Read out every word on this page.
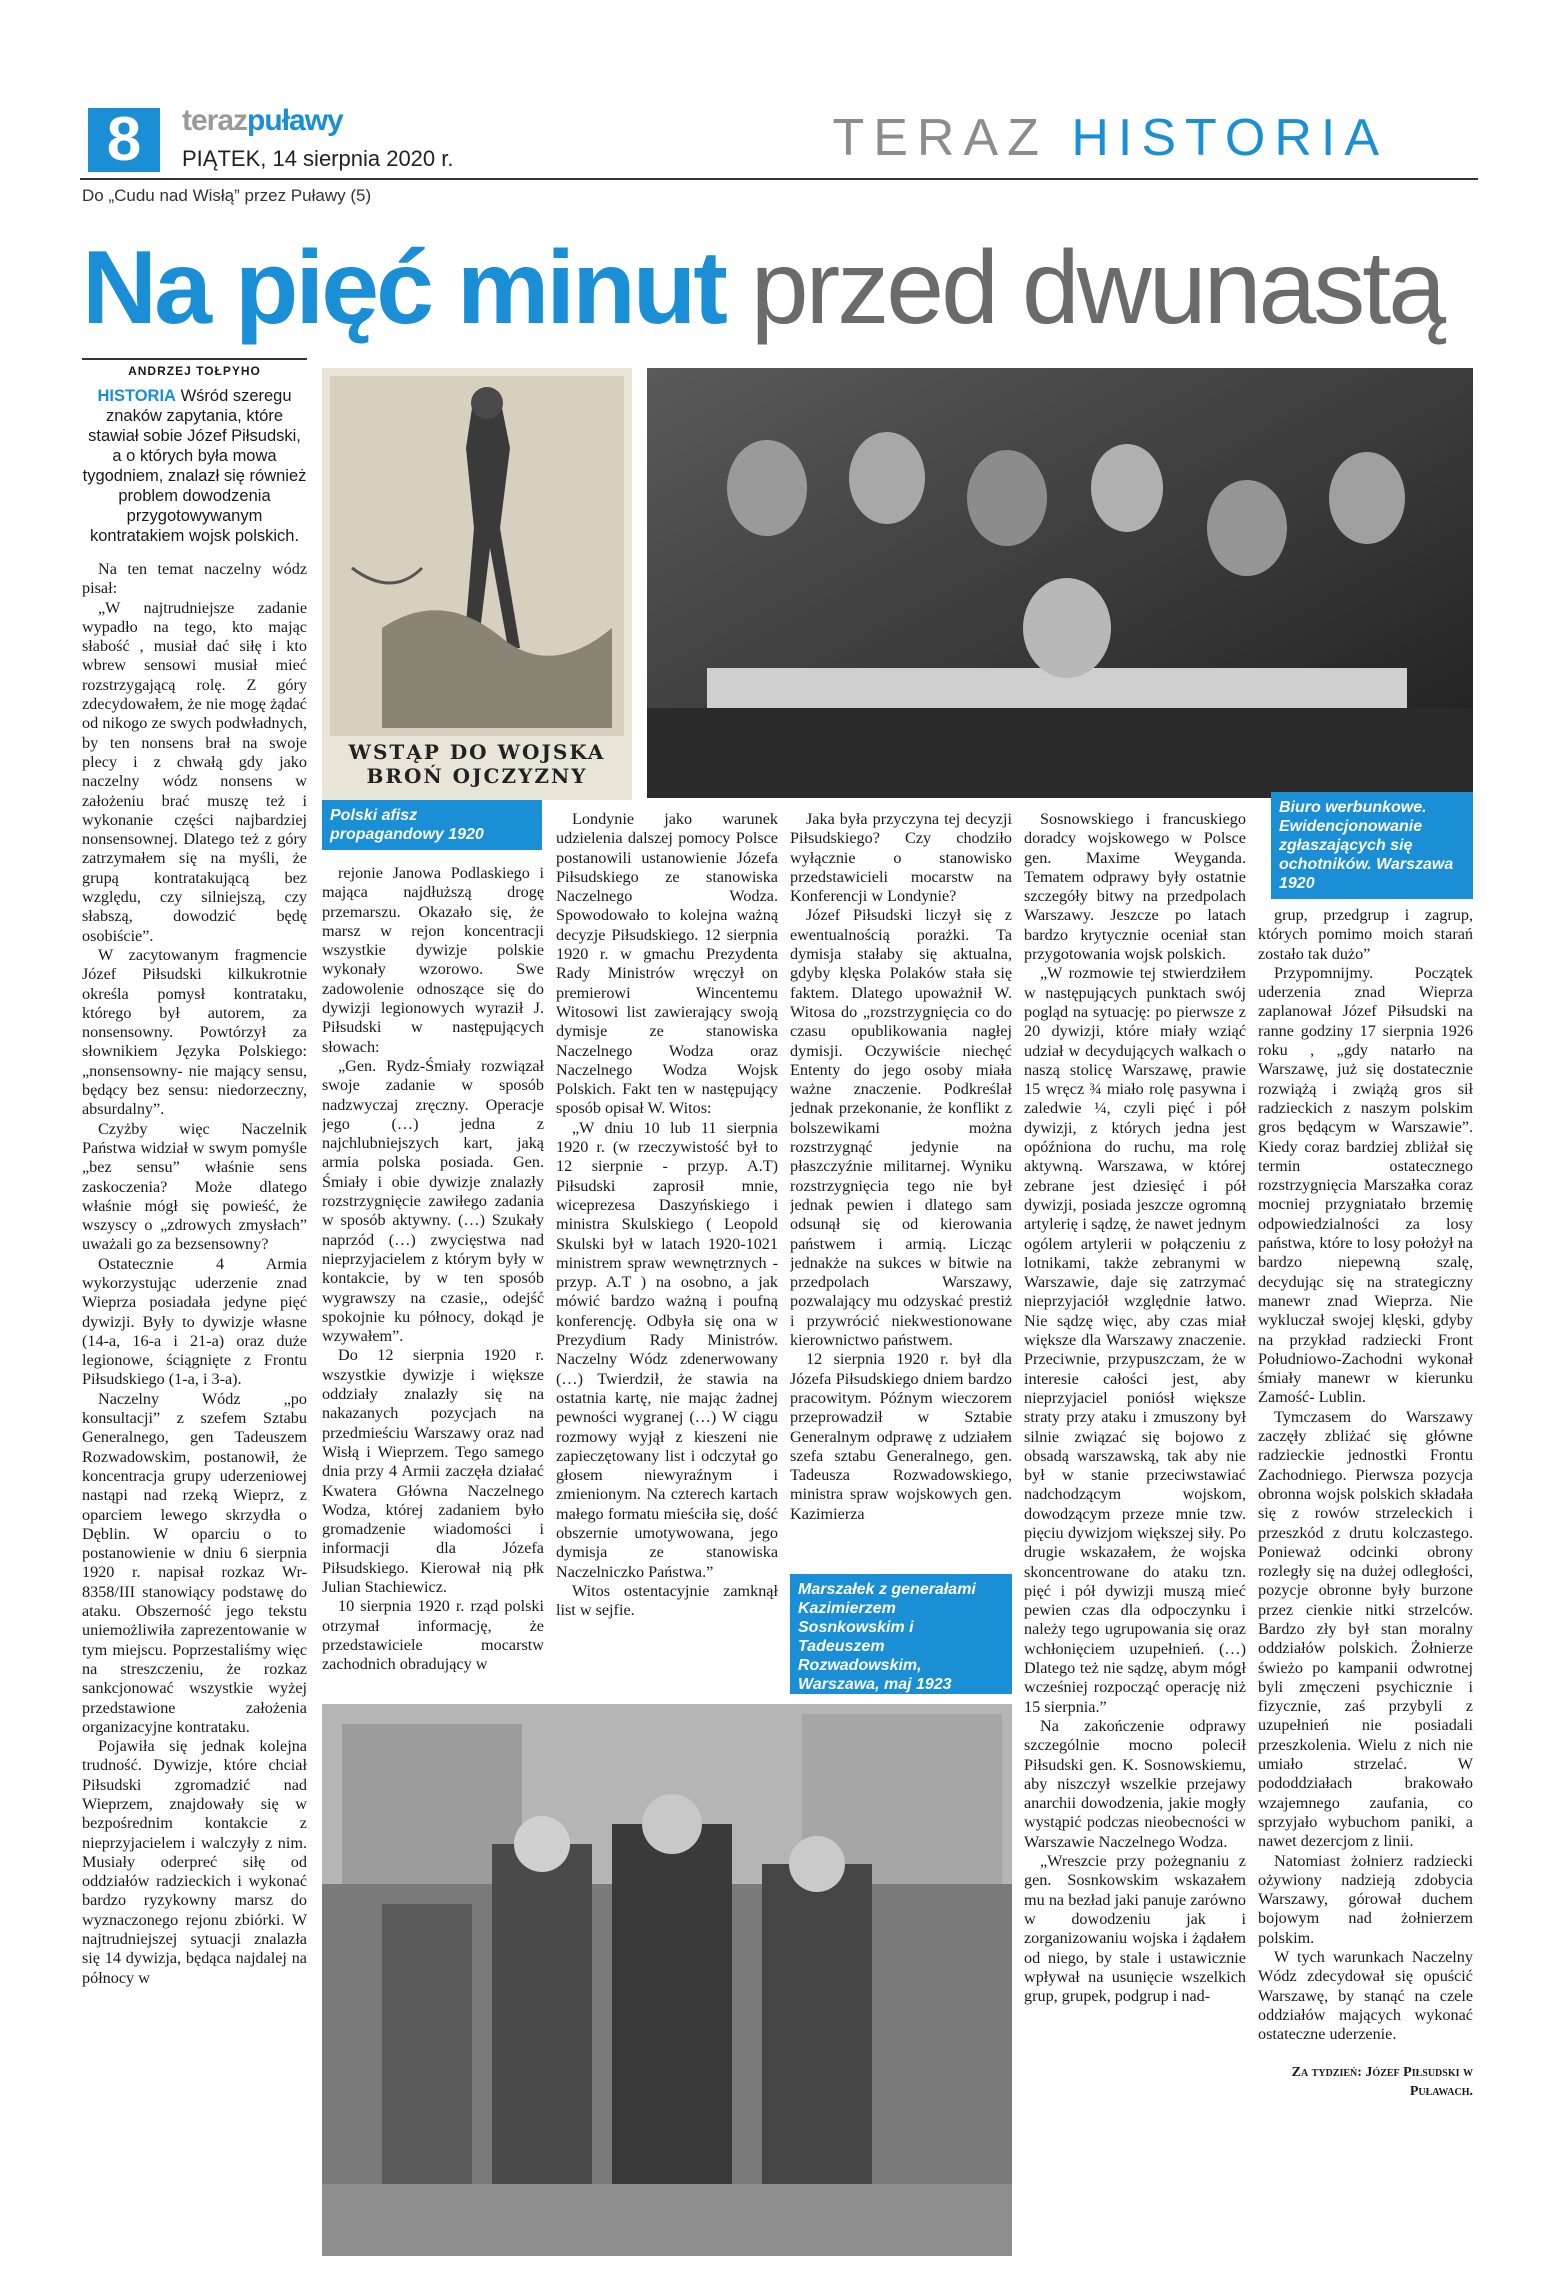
8	terazpuławy
PIĄTEK, 14 sierpnia 2020 r.	TERAZ HISTORIA
Do „Cudu nad Wisłą” przez Puławy (5)
Na pięć minut przed dwunastą
ANDRZEJ TOŁPYHO

HISTORIA Wśród szeregu znaków zapytania, które stawiał sobie Józef Piłsudski, a o których była mowa tygodniem, znalazł się również problem dowodzenia przygotowywanym kontratakiem wojsk polskich.

Na ten temat naczelny wódz pisał:

„W najtrudniejsze zadanie wypadło na tego, kto mając słabość , musiał dać siłę i kto wbrew sensowi musiał mieć rozstrzygającą rolę. Z góry zdecydowałem, że nie mogę żądać od nikogo ze swych podwładnych, by ten nonsens brał na swoje plecy i z chwałą gdy jako naczelny wódz nonsens w założeniu brać muszę też i wykonanie części najbardziej nonsensownej. Dlatego też z góry zatrzymałem się na myśli, że grupą kontratakującą bez względu, czy silniejszą, czy słabszą, dowodzić będę osobiście”.

W zacytowanym fragmencie Józef Piłsudski kilkukrotnie określa pomysł kontrataku, którego był autorem, za nonsensowny. Powtórzył za słownikiem Języka Polskiego: „nonsensowny- nie mający sensu, będący bez sensu: niedorzeczny, absurdalny”.

Czyżby więc Naczelnik Państwa widział w swym pomyśle „bez sensu” właśnie sens zaskoczenia? Może dlatego właśnie mógł się powieść, że wszyscy o „zdrowych zmysłach” uważali go za bezsensowny?

Ostatecznie 4 Armia wykorzystując uderzenie znad Wieprza posiadała jedyne pięć dywizji. Były to dywizje własne (14-a, 16-a i 21-a) oraz duże legionowe, ściągnięte z Frontu Piłsudskiego (1-a, i 3-a).

Naczelny Wódz „po konsultacji” z szefem Sztabu Generalnego, gen Tadeuszem Rozwadowskim, postanowił, że koncentracja grupy uderzeniowej nastąpi nad rzeką Wieprz, z oparciem lewego skrzydła o Dęblin. W oparciu o to postanowienie w dniu 6 sierpnia 1920 r. napisał rozkaz Wr- 8358/III stanowiący podstawę do ataku. Obszerność jego tekstu uniemożliwiła zaprezentowanie w tym miejscu. Poprzestaliśmy więc na streszczeniu, że rozkaz sankcjonować wszystkie wyżej przedstawione założenia organizacyjne kontrataku.

Pojawiła się jednak kolejna trudność. Dywizje, które chciał Piłsudski zgromadzić nad Wieprzem, znajdowały się w bezpośrednim kontakcie z nieprzyjacielem i walczyły z nim. Musiały oderpreć siłę od oddziałów radzieckich i wykonać bardzo ryzykowny marsz do wyznaczonego rejonu zbiórki. W najtrudniejszej sytuacji znalazła się 14 dywizja, będąca najdalej na północy w

WSTĄP DO WOJSKA
BROŃ OJCZYZNY
Polski afisz propagandowy 1920
Biuro werbunkowe. Ewidencjonowanie zgłaszających się ochotników. Warszawa 1920

rejonie Janowa Podlaskiego i mająca najdłuższą drogę przemarszu. Okazało się, że marsz w rejon koncentracji wszystkie dywizje polskie wykonały wzorowo. Swe zadowolenie odnoszące się do dywizji legionowych wyraził J. Piłsudski w następujących słowach:

„Gen. Rydz-Śmiały rozwiązał swoje zadanie w sposób nadzwyczaj zręczny. Operacje jego (…) jedna z najchlubniejszych kart, jaką armia polska posiada. Gen. Śmiały i obie dywizje znalazły rozstrzygnięcie zawiłego zadania w sposób aktywny. (…) Szukały naprzód (…) zwycięstwa nad nieprzyjacielem z którym były w kontakcie, by w ten sposób wygrawszy na czasie,, odejść spokojnie ku północy, dokąd je wzywałem”.

Do 12 sierpnia 1920 r. wszystkie dywizje i większe oddziały znalazły się na nakazanych pozycjach na przedmieściu Warszawy oraz nad Wisłą i Wieprzem. Tego samego dnia przy 4 Armii zaczęła działać Kwatera Główna Naczelnego Wodza, której zadaniem było gromadzenie wiadomości i informacji dla Józefa Piłsudskiego. Kierował nią płk Julian Stachiewicz.

10 sierpnia 1920 r. rząd polski otrzymał informację, że przedstawiciele mocarstw zachodnich obradujący w

Londynie jako warunek udzielenia dalszej pomocy Polsce postanowili ustanowienie Józefa Piłsudskiego ze stanowiska Naczelnego Wodza. Spowodowało to kolejna ważną decyzje Piłsudskiego. 12 sierpnia 1920 r. w gmachu Prezydenta Rady Ministrów wręczył on premierowi Wincentemu Witosowi list zawierający swoją dymisje ze stanowiska Naczelnego Wodza oraz Naczelnego Wodza Wojsk Polskich. Fakt ten w następujący sposób opisał W. Witos:

„W dniu 10 lub 11 sierpnia 1920 r. (w rzeczywistość był to 12 sierpnie - przyp. A.T) Piłsudski zaprosił mnie, wiceprezesa Daszyńskiego i ministra Skulskiego ( Leopold Skulski był w latach 1920-1021 ministrem spraw wewnętrznych - przyp. A.T ) na osobno, a jak mówić bardzo ważną i poufną konferencję. Odbyła się ona w Prezydium Rady Ministrów. Naczelny Wódz zdenerwowany (…) Twierdził, że stawia na ostatnia kartę, nie mając żadnej pewności wygranej (…) W ciągu rozmowy wyjął z kieszeni nie zapieczętowany list i odczytał go głosem niewyraźnym i zmienionym. Na czterech kartach małego formatu mieściła się, dość obszernie umotywowana, jego dymisja ze stanowiska Naczelniczko Państwa.”

Witos ostentacyjnie zamknął list w sejfie.

Jaka była przyczyna tej decyzji Piłsudskiego? Czy chodziło wyłącznie o stanowisko przedstawicieli mocarstw na Konferencji w Londynie?

Józef Piłsudski liczył się z ewentualnością porażki. Ta dymisja stałaby się aktualna, gdyby klęska Polaków stała się faktem. Dlatego upoważnił W. Witosa do „rozstrzygnięcia co do czasu opublikowania nagłej dymisji. Oczywiście niechęć Ententy do jego osoby miała ważne znaczenie. Podkreślał jednak przekonanie, że konflikt z bolszewikami można rozstrzygnąć jedynie na płaszczyźnie militarnej. Wyniku rozstrzygnięcia tego nie był jednak pewien i dlatego sam odsunął się od kierowania państwem i armią. Licząc jednakże na sukces w bitwie na przedpolach Warszawy, pozwalający mu odzyskać prestiż i przywrócić niekwestionowane kierownictwo państwem.

12 sierpnia 1920 r. był dla Józefa Piłsudskiego dniem bardzo pracowitym. Późnym wieczorem przeprowadził w Sztabie Generalnym odprawę z udziałem szefa sztabu Generalnego, gen. Tadeusza Rozwadowskiego, ministra spraw wojskowych gen. Kazimierza

Marszałek z generałami Kazimierzem Sosnkowskim i Tadeuszem Rozwadowskim, Warszawa, maj 1923

Sosnowskiego i francuskiego doradcy wojskowego w Polsce gen. Maxime Weyganda. Tematem odprawy były ostatnie szczegóły bitwy na przedpolach Warszawy. Jeszcze po latach bardzo krytycznie oceniał stan przygotowania wojsk polskich.

„W rozmowie tej stwierdziłem w następujących punktach swój pogląd na sytuację: po pierwsze z 20 dywizji, które miały wziąć udział w decydujących walkach o naszą stolicę Warszawę, prawie 15 wręcz ¾ miało rolę pasywna i zaledwie ¼, czyli pięć i pół dywizji, z których jedna jest opóźniona do ruchu, ma rolę aktywną. Warszawa, w której zebrane jest dziesięć i pół dywizji, posiada jeszcze ogromną artylerię i sądzę, że nawet jednym ogólem artylerii w połączeniu z lotnikami, także zebranymi w Warszawie, daje się zatrzymać nieprzyjaciół względnie łatwo. Nie sądzę więc, aby czas miał większe dla Warszawy znaczenie. Przeciwnie, przypuszczam, że w interesie całości jest, aby nieprzyjaciel poniósł większe straty przy ataku i zmuszony był silnie związać się bojowo z obsadą warszawską, tak aby nie był w stanie przeciwstawiać nadchodzącym wojskom, dowodzącym przeze mnie tzw. pięciu dywizjom większej siły. Po drugie wskazałem, że wojska skoncentrowane do ataku tzn. pięć i pół dywizji muszą mieć pewien czas dla odpoczynku i należy tego ugrupowania się oraz wchłonięciem uzupełnień. (…) Dlatego też nie sądzę, abym mógł wcześniej rozpocząć operację niż 15 sierpnia.”

Na zakończenie odprawy szczególnie mocno polecił Piłsudski gen. K. Sosnowskiemu, aby niszczył wszelkie przejawy anarchii dowodzenia, jakie mogły wystąpić podczas nieobecności w Warszawie Naczelnego Wodza.

„Wreszcie przy pożegnaniu z gen. Sosnkowskim wskazałem mu na bezład jaki panuje zarówno w dowodzeniu jak i zorganizowaniu wojska i żądałem od niego, by stale i ustawicznie wpływał na usunięcie wszelkich grup, grupek, podgrup i nad-

grup, przedgrup i zagrup, których pomimo moich starań zostało tak dużo”

Przypomnijmy. Początek uderzenia znad Wieprza zaplanował Józef Piłsudski na ranne godziny 17 sierpnia 1926 roku , „gdy natarło na Warszawę, już się dostatecznie rozwiążą i zwiążą gros sił radzieckich z naszym polskim gros będącym w Warszawie”. Kiedy coraz bardziej zbliżał się termin ostatecznego rozstrzygnięcia Marszałka coraz mocniej przygniatało brzemię odpowiedzialności za losy państwa, które to losy położył na bardzo niepewną szalę, decydując się na strategiczny manewr znad Wieprza. Nie wykluczał swojej klęski, gdyby na przykład radziecki Front Południowo-Zachodni wykonał śmiały manewr w kierunku Zamość- Lublin.

Tymczasem do Warszawy zaczęły zbliżać się główne radzieckie jednostki Frontu Zachodniego. Pierwsza pozycja obronna wojsk polskich składała się z rowów strzeleckich i przeszkód z drutu kolczastego. Ponieważ odcinki obrony rozległy się na dużej odległości, pozycje obronne były burzone przez cienkie nitki strzelców. Bardzo zły był stan moralny oddziałów polskich. Żołnierze świeżo po kampanii odwrotnej byli zmęczeni psychicznie i fizycznie, zaś przybyli z uzupełnień nie posiadali przeszkolenia. Wielu z nich nie umiało strzelać. W pododdziałach brakowało wzajemnego zaufania, co sprzyjało wybuchom paniki, a nawet dezercjom z linii.

Natomiast żołnierz radziecki ożywiony nadzieją zdobycia Warszawy, górował duchem bojowym nad żołnierzem polskim.

W tych warunkach Naczelny Wódz zdecydował się opuścić Warszawę, by stanąć na czele oddziałów mających wykonać ostateczne uderzenie.

Za tydzień: Józef Piłsudski w Puławach.
